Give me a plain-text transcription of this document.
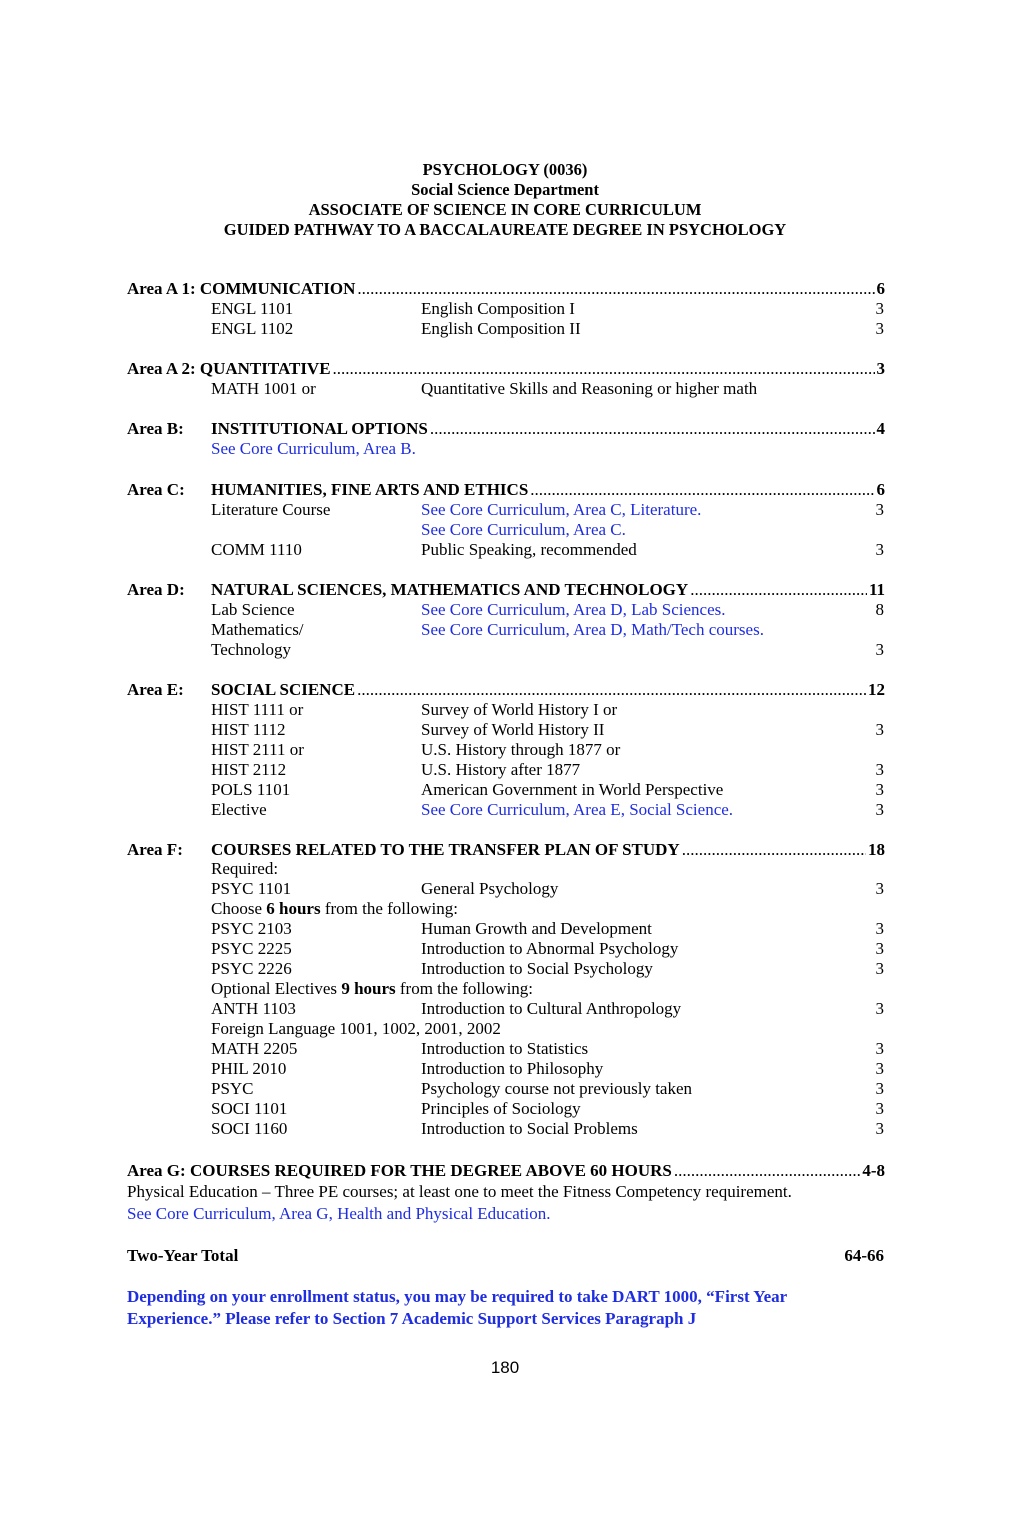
PSYCHOLOGY (0036)
Social Science Department
ASSOCIATE OF SCIENCE IN CORE CURRICULUM
GUIDED PATHWAY TO A BACCALAUREATE DEGREE IN PSYCHOLOGY
Area A 1: COMMUNICATION .....	6
ENGL 1101	English Composition I	3
ENGL 1102	English Composition II	3
Area A 2: QUANTITATIVE .....	3
MATH 1001 or	Quantitative Skills and Reasoning or higher math
Area B:	INSTITUTIONAL OPTIONS .....	4
See Core Curriculum, Area B.
Area C:	HUMANITIES, FINE ARTS AND ETHICS .....	6
Literature Course	See Core Curriculum, Area C, Literature.	3
See Core Curriculum, Area C.
COMM 1110	Public Speaking, recommended	3
Area D:	NATURAL SCIENCES, MATHEMATICS AND TECHNOLOGY .....	11
Lab Science	See Core Curriculum, Area D, Lab Sciences.	8
Mathematics/	See Core Curriculum, Area D, Math/Tech courses.
Technology	3
Area E:	SOCIAL SCIENCE .....	12
HIST 1111 or	Survey of World History I or
HIST 1112	Survey of World History II	3
HIST 2111 or	U.S. History through 1877 or
HIST 2112	U.S. History after 1877	3
POLS 1101	American Government in World Perspective	3
Elective	See Core Curriculum, Area E, Social Science.	3
Area F:	COURSES RELATED TO THE TRANSFER PLAN OF STUDY .....	18
Required:
PSYC 1101	General Psychology	3
Choose 6 hours from the following:
PSYC 2103	Human Growth and Development	3
PSYC 2225	Introduction to Abnormal Psychology	3
PSYC 2226	Introduction to Social Psychology	3
Optional Electives 9 hours from the following:
ANTH 1103	Introduction to Cultural Anthropology	3
Foreign Language 1001, 1002, 2001, 2002
MATH 2205	Introduction to Statistics	3
PHIL 2010	Introduction to Philosophy	3
PSYC	Psychology course not previously taken	3
SOCI 1101	Principles of Sociology	3
SOCI 1160	Introduction to Social Problems	3
Area G: COURSES REQUIRED FOR THE DEGREE ABOVE 60 HOURS .....	4-8
Physical Education – Three PE courses; at least one to meet the Fitness Competency requirement.
See Core Curriculum, Area G, Health and Physical Education.
Two-Year Total	64-66
Depending on your enrollment status, you may be required to take DART 1000, “First Year
Experience.” Please refer to Section 7 Academic Support Services Paragraph J
180
